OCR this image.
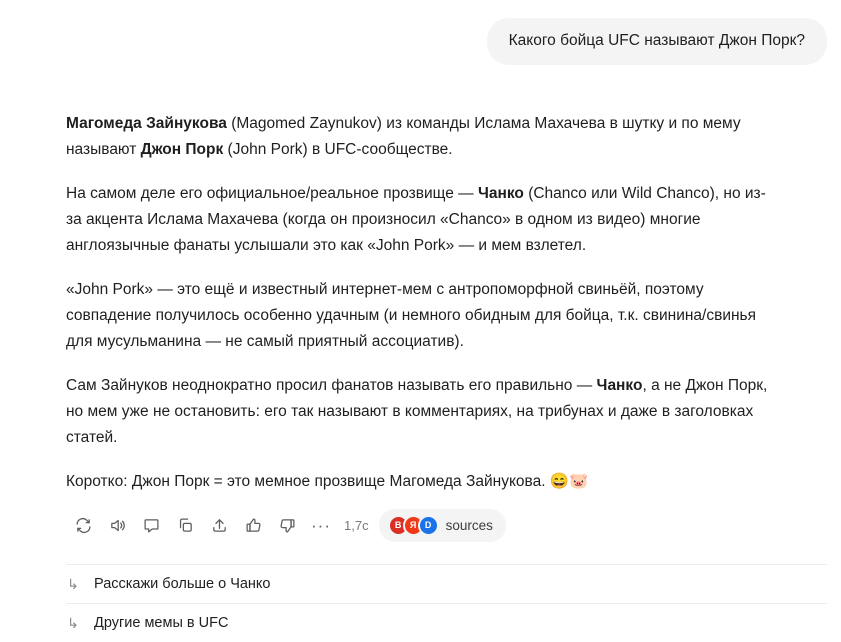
Какого бойца UFC называют Джон Порк?

Магомеда Зайнукова (Magomed Zaynukov) из команды Ислама Махачева в шутку и по мему называют Джон Порк (John Pork) в UFC-сообществе.

На самом деле его официальное/реальное прозвище — Чанко (Chanco или Wild Chanco), но из-за акцента Ислама Махачева (когда он произносил «Chanco» в одном из видео) многие англоязычные фанаты услышали это как «John Pork» — и мем взлетел.

«John Pork» — это ещё и известный интернет-мем с антропоморфной свиньёй, поэтому совпадение получилось особенно удачным (и немного обидным для бойца, т.к. свинина/свинья для мусульманина — не самый приятный ассоциатив).

Сам Зайнуков неоднократно просил фанатов называть его правильно — Чанко, а не Джон Порк, но мем уже не остановить: его так называют в комментариях, на трибунах и даже в заголовках статей.

Коротко: Джон Порк = это мемное прозвище Магомеда Зайнукова. 😄🐷

··· 1,7с	В Я D	sources
↳ Расскажи больше о Чанко
↳ Другие мемы в UFC
